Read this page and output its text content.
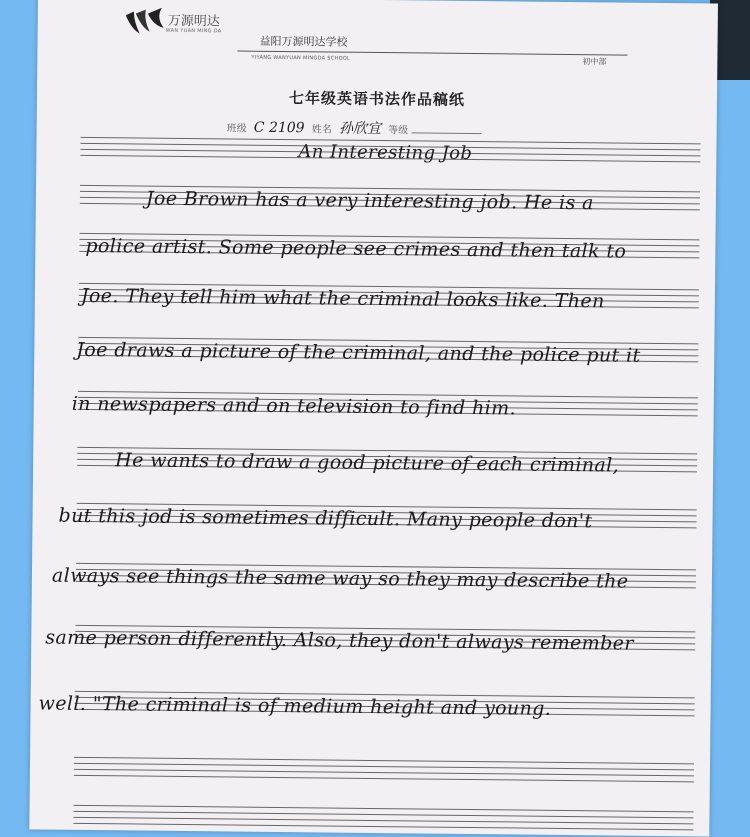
万源明达
WAN YUAN MING DA
益阳万源明达学校
YIYANG WANYUAN MINGDA SCHOOL	初中部
七年级英语书法作品稿纸
班级 C 2109 姓名 孙欣宜 等级
An Interesting Job
Joe Brown has a very interesting job. He is a
police artist. Some people see crimes and then talk to
Joe. They tell him what the criminal looks like. Then
Joe draws a picture of the criminal, and the police put it
in newspapers and on television to find him.
He wants to draw a good picture of each criminal,
but this jod is sometimes difficult. Many people don't
always see things the same way so they may describe the
same person differently. Also, they don't always remember
well. "The criminal is of medium height and young.
